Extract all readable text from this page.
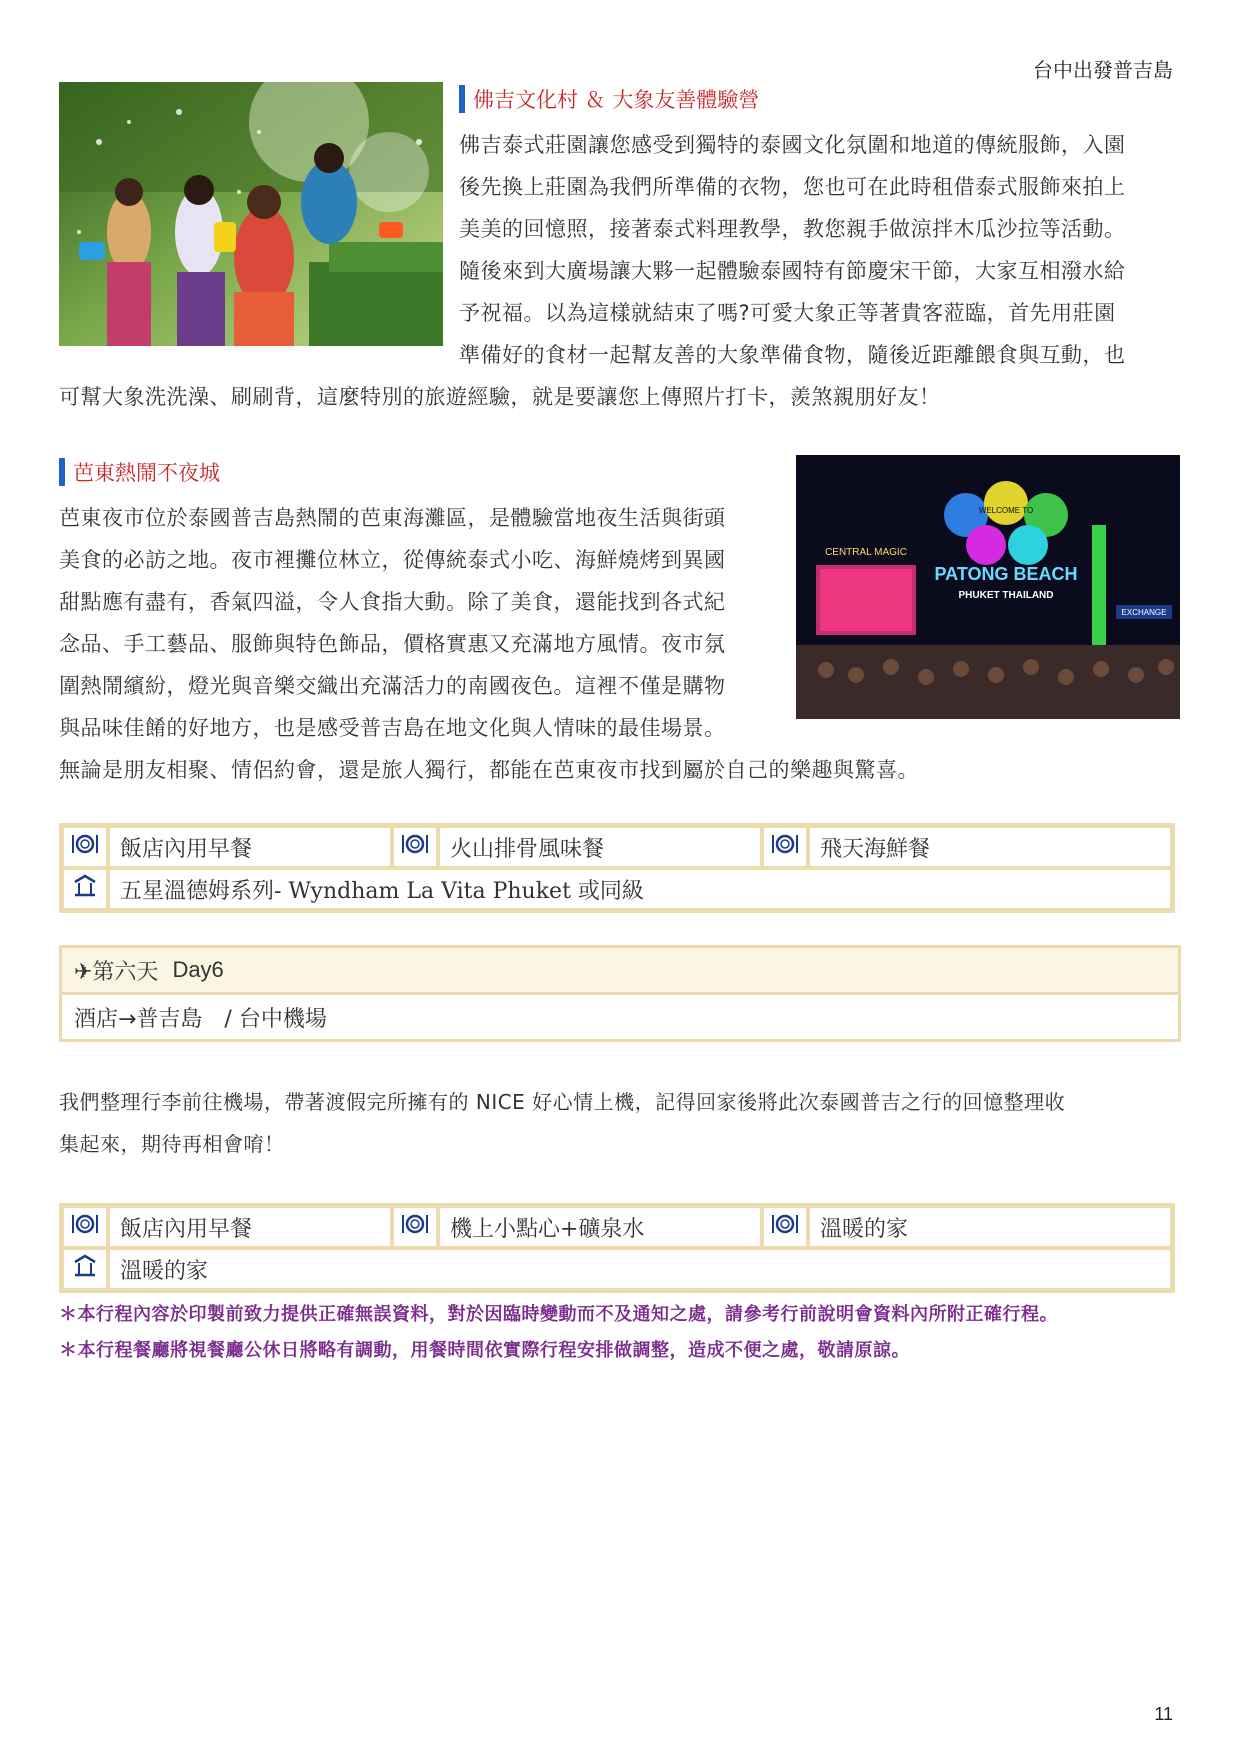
台中出發普吉島
佛吉文化村 ＆ 大象友善體驗營
佛吉泰式莊園讓您感受到獨特的泰國文化氛圍和地道的傳統服飾，入園
後先換上莊園為我們所準備的衣物，您也可在此時租借泰式服飾來拍上
美美的回憶照，接著泰式料理教學，教您親手做涼拌木瓜沙拉等活動。
隨後來到大廣場讓大夥一起體驗泰國特有節慶宋干節，大家互相潑水給
予祝福。以為這樣就結束了嗎?可愛大象正等著貴客蒞臨，首先用莊園
準備好的食材一起幫友善的大象準備食物，隨後近距離餵食與互動，也
可幫大象洗洗澡、刷刷背，這麼特別的旅遊經驗，就是要讓您上傳照片打卡，羨煞親朋好友！
芭東熱鬧不夜城
芭東夜市位於泰國普吉島熱鬧的芭東海灘區，是體驗當地夜生活與街頭
美食的必訪之地。夜市裡攤位林立，從傳統泰式小吃、海鮮燒烤到異國
甜點應有盡有，香氣四溢，令人食指大動。除了美食，還能找到各式紀
念品、手工藝品、服飾與特色飾品，價格實惠又充滿地方風情。夜市氛
圍熱鬧繽紛，燈光與音樂交織出充滿活力的南國夜色。這裡不僅是購物
與品味佳餚的好地方，也是感受普吉島在地文化與人情味的最佳場景。
無論是朋友相聚、情侶約會，還是旅人獨行，都能在芭東夜市找到屬於自己的樂趣與驚喜。
CENTRAL MAGIC
WELCOME TO
PATONG BEACH
PHUKET THAILAND
EXCHANGE
	飯店內用早餐		火山排骨風味餐		飛天海鮮餐
	五星溫德姆系列- Wyndham La Vita Phuket 或同級				
✈第六天 Day6
酒店→普吉島　/ 台中機場
我們整理行李前往機場，帶著渡假完所擁有的 NICE 好心情上機，記得回家後將此次泰國普吉之行的回憶整理收
集起來，期待再相會唷！
	飯店內用早餐		機上小點心+礦泉水		溫暖的家
	溫暖的家				
＊本行程內容於印製前致力提供正確無誤資料，對於因臨時變動而不及通知之處，請參考行前說明會資料內所附正確行程。
＊本行程餐廳將視餐廳公休日將略有調動，用餐時間依實際行程安排做調整，造成不便之處，敬請原諒。
11
